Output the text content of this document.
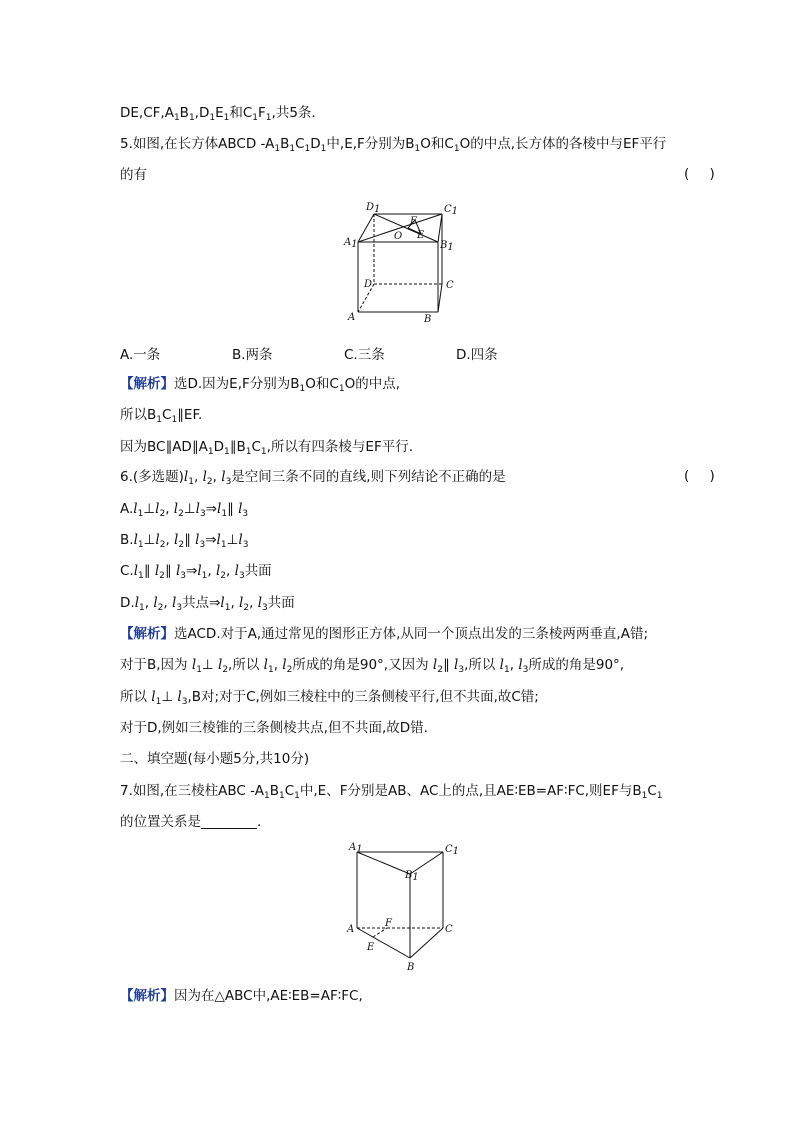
$DE,CF,A_1B_1,D_1E_1$和$C_1F_1$,共5条.
5.如图,在长方体ABCD $-A_1B_1C_1D_1$中,E,F分别为$B_1O$和$C_1O$的中点,长方体的各棱中与EF平行
的有	( )
D1	C1
A1	B1
F
O E
D	C
A	B
A.一条	B.两条	C.三条	D.四条
【解析】选D.因为E,F分别为$B_1O$和$C_1O$的中点,
所以$B_1C_1\parallel EF$.
因为$BC\parallel AD\parallel A_1D_1\parallel B_1C_1$,所以有四条棱与EF平行.
6.(多选题)$l_1$, $l_2$, $l_3$是空间三条不同的直线,则下列结论不正确的是	( )
$A.l_1\perp l_2$, $l_2\perp l_3\Rightarrow l_1\parallel$ $l_3$
$B.l_1\perp l_2$, $l_2\parallel$ $l_3\Rightarrow l_1\perp l_3$
$C.l_1\parallel$ $l_2\parallel$ $l_3\Rightarrow l_1$, $l_2$, $l_3$共面
$D.l_1$, $l_2$, $l_3$共点$\Rightarrow l_1$, $l_2$, $l_3$共面
【解析】选ACD.对于A,通过常见的图形正方体,从同一个顶点出发的三条棱两两垂直,A错;
对于B,因为 $l_1\perp$ $l_2$,所以 $l_1$, $l_2$所成的角是90°,又因为 $l_2\parallel$ $l_3$,所以 $l_1$, $l_3$所成的角是90°,
所以 $l_1\perp$ $l_3,B$对;对于C,例如三棱柱中的三条侧棱平行,但不共面,故C错;
对于D,例如三棱锥的三条侧棱共点,但不共面,故D错.
二、填空题(每小题5分,共10分)
7.如图,在三棱柱ABC $-A_1B_1C_1$中,E、F分别是AB、AC上的点,且AE∶EB=AF∶FC,则EF与$B_1C_1$
的位置关系是	.
A1	C1
B1
F
A	C
E
B
【解析】因为在△ABC中,AE∶EB=AF∶FC,
